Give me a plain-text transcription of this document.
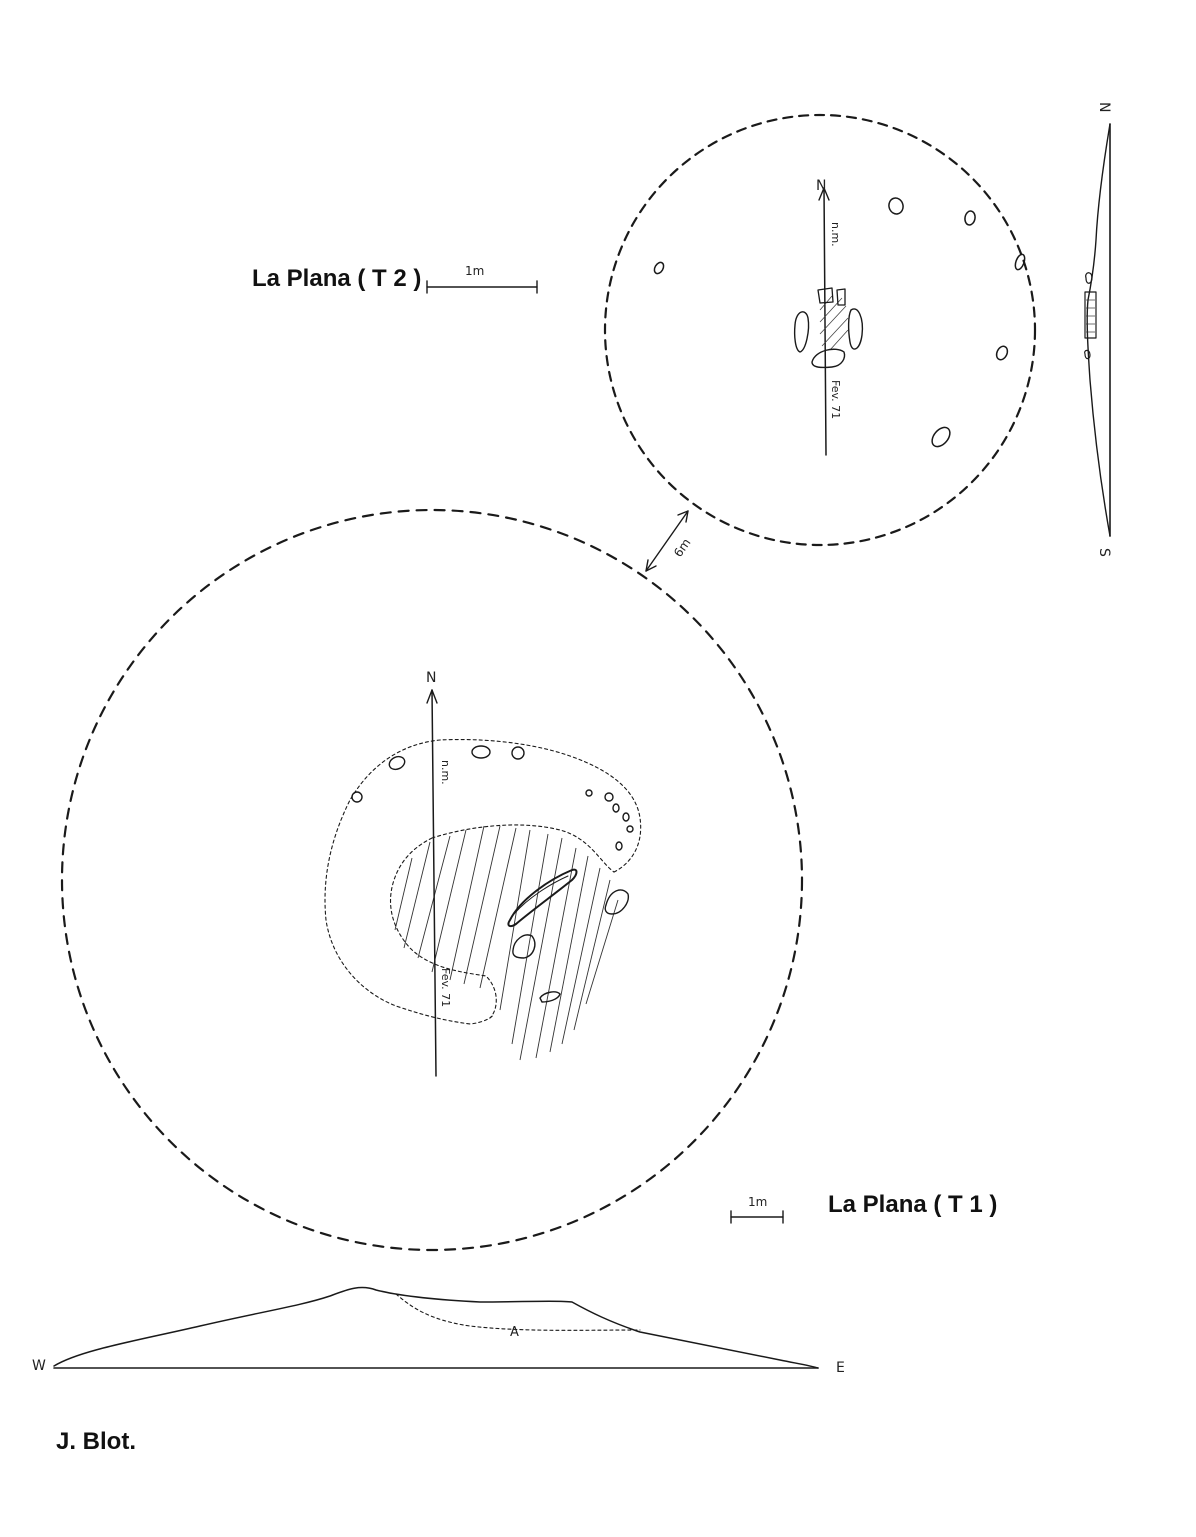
N
n.m.
Fev. 71
La Plana ( T 2 )	1m
6m
N
S
N
n.m.
Fev. 71
1m	La Plana ( T 1 )
A
W	E
J. Blot.
